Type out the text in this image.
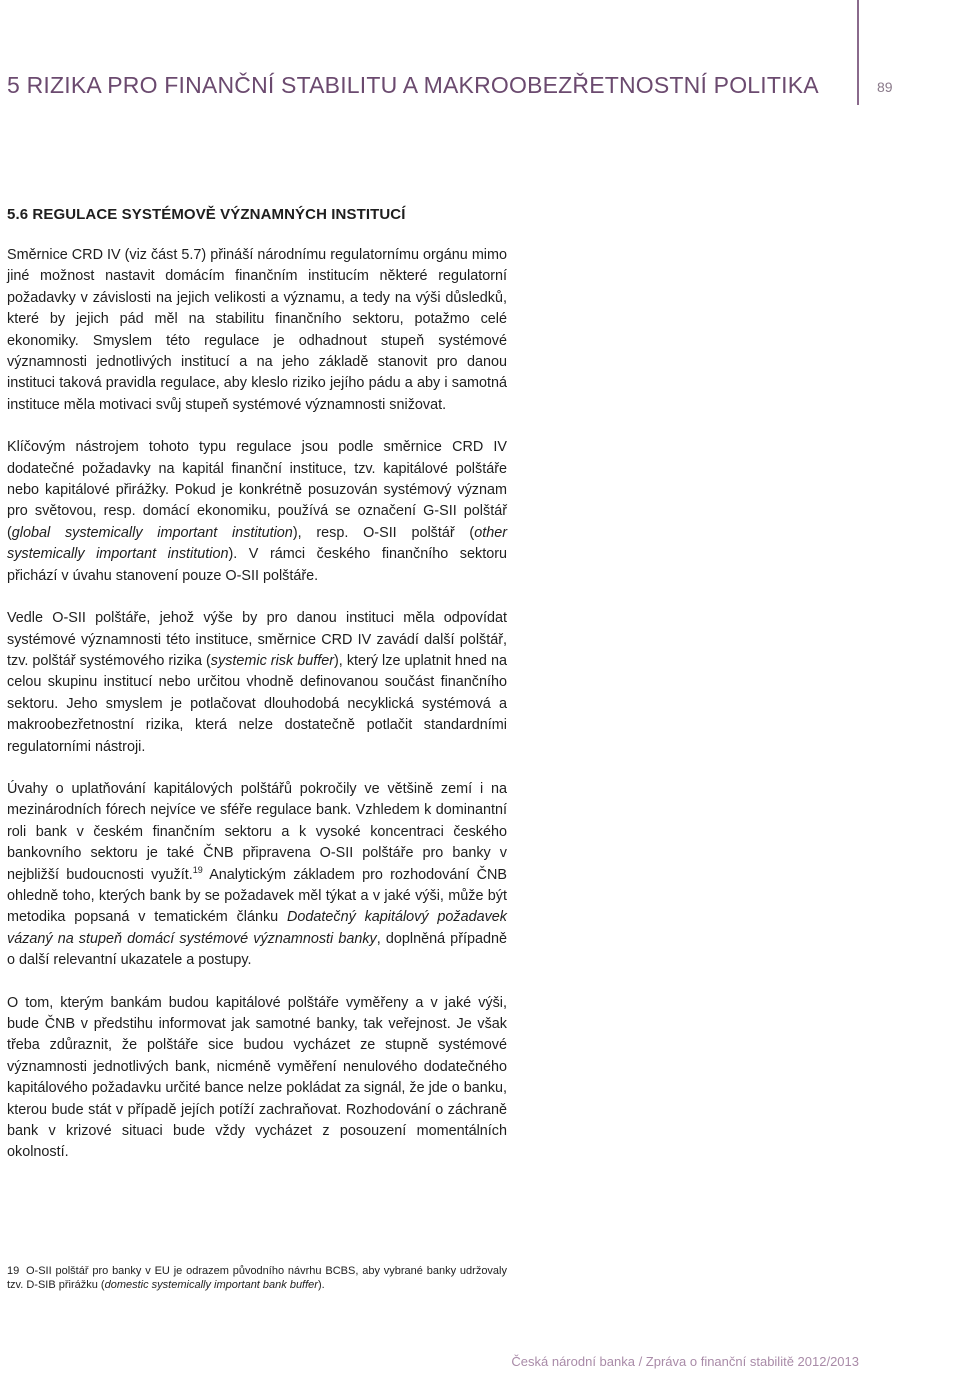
5 RIZIKA PRO FINANČNÍ STABILITU A MAKROOBEZŘETNOSTNÍ POLITIKA	89
5.6 REGULACE SYSTÉMOVĚ VÝZNAMNÝCH INSTITUCÍ

Směrnice CRD IV (viz část 5.7) přináší národnímu regulatornímu orgánu mimo jiné možnost nastavit domácím finančním institucím některé regulatorní požadavky v závislosti na jejich velikosti a významu, a tedy na výši důsledků, které by jejich pád měl na stabilitu finančního sektoru, potažmo celé ekonomiky. Smyslem této regulace je odhadnout stupeň systémové významnosti jednotlivých institucí a na jeho základě stanovit pro danou instituci taková pravidla regulace, aby kleslo riziko jejího pádu a aby i samotná instituce měla motivaci svůj stupeň systémové významnosti snižovat.

Klíčovým nástrojem tohoto typu regulace jsou podle směrnice CRD IV dodatečné požadavky na kapitál finanční instituce, tzv. kapitálové polštáře nebo kapitálové přirážky. Pokud je konkrétně posuzován systémový význam pro světovou, resp. domácí ekonomiku, používá se označení G-SII polštář (global systemically important institution), resp. O-SII polštář (other systemically important institution). V rámci českého finančního sektoru přichází v úvahu stanovení pouze O-SII polštáře.

Vedle O-SII polštáře, jehož výše by pro danou instituci měla odpovídat systémové významnosti této instituce, směrnice CRD IV zavádí další polštář, tzv. polštář systémového rizika (systemic risk buffer), který lze uplatnit hned na celou skupinu institucí nebo určitou vhodně definovanou součást finančního sektoru. Jeho smyslem je potlačovat dlouhodobá necyklická systémová a makroobezřetnostní rizika, která nelze dostatečně potlačit standardními regulatorními nástroji.

Úvahy o uplatňování kapitálových polštářů pokročily ve většině zemí i na mezinárodních fórech nejvíce ve sféře regulace bank. Vzhledem k dominantní roli bank v českém finančním sektoru a k vysoké koncentraci českého bankovního sektoru je také ČNB připravena O-SII polštáře pro banky v nejbližší budoucnosti využít.$^{19}$ Analytickým základem pro rozhodování ČNB ohledně toho, kterých bank by se požadavek měl týkat a v jaké výši, může být metodika popsaná v tematickém článku Dodatečný kapitálový požadavek vázaný na stupeň domácí systémové významnosti banky, doplněná případně o další relevantní ukazatele a postupy.

O tom, kterým bankám budou kapitálové polštáře vyměřeny a v jaké výši, bude ČNB v předstihu informovat jak samotné banky, tak veřejnost. Je však třeba zdůraznit, že polštáře sice budou vycházet ze stupně systémové významnosti jednotlivých bank, nicméně vyměření nenulového dodatečného kapitálového požadavku určité bance nelze pokládat za signál, že jde o banku, kterou bude stát v případě jejích potíží zachraňovat. Rozhodování o záchraně bank v krizové situaci bude vždy vycházet z posouzení momentálních okolností.

19 O-SII polštář pro banky v EU je odrazem původního návrhu BCBS, aby vybrané banky udržovaly tzv. D-SIB přirážku (domestic systemically important bank buffer).
Česká národní banka / Zpráva o finanční stabilitě 2012/2013
